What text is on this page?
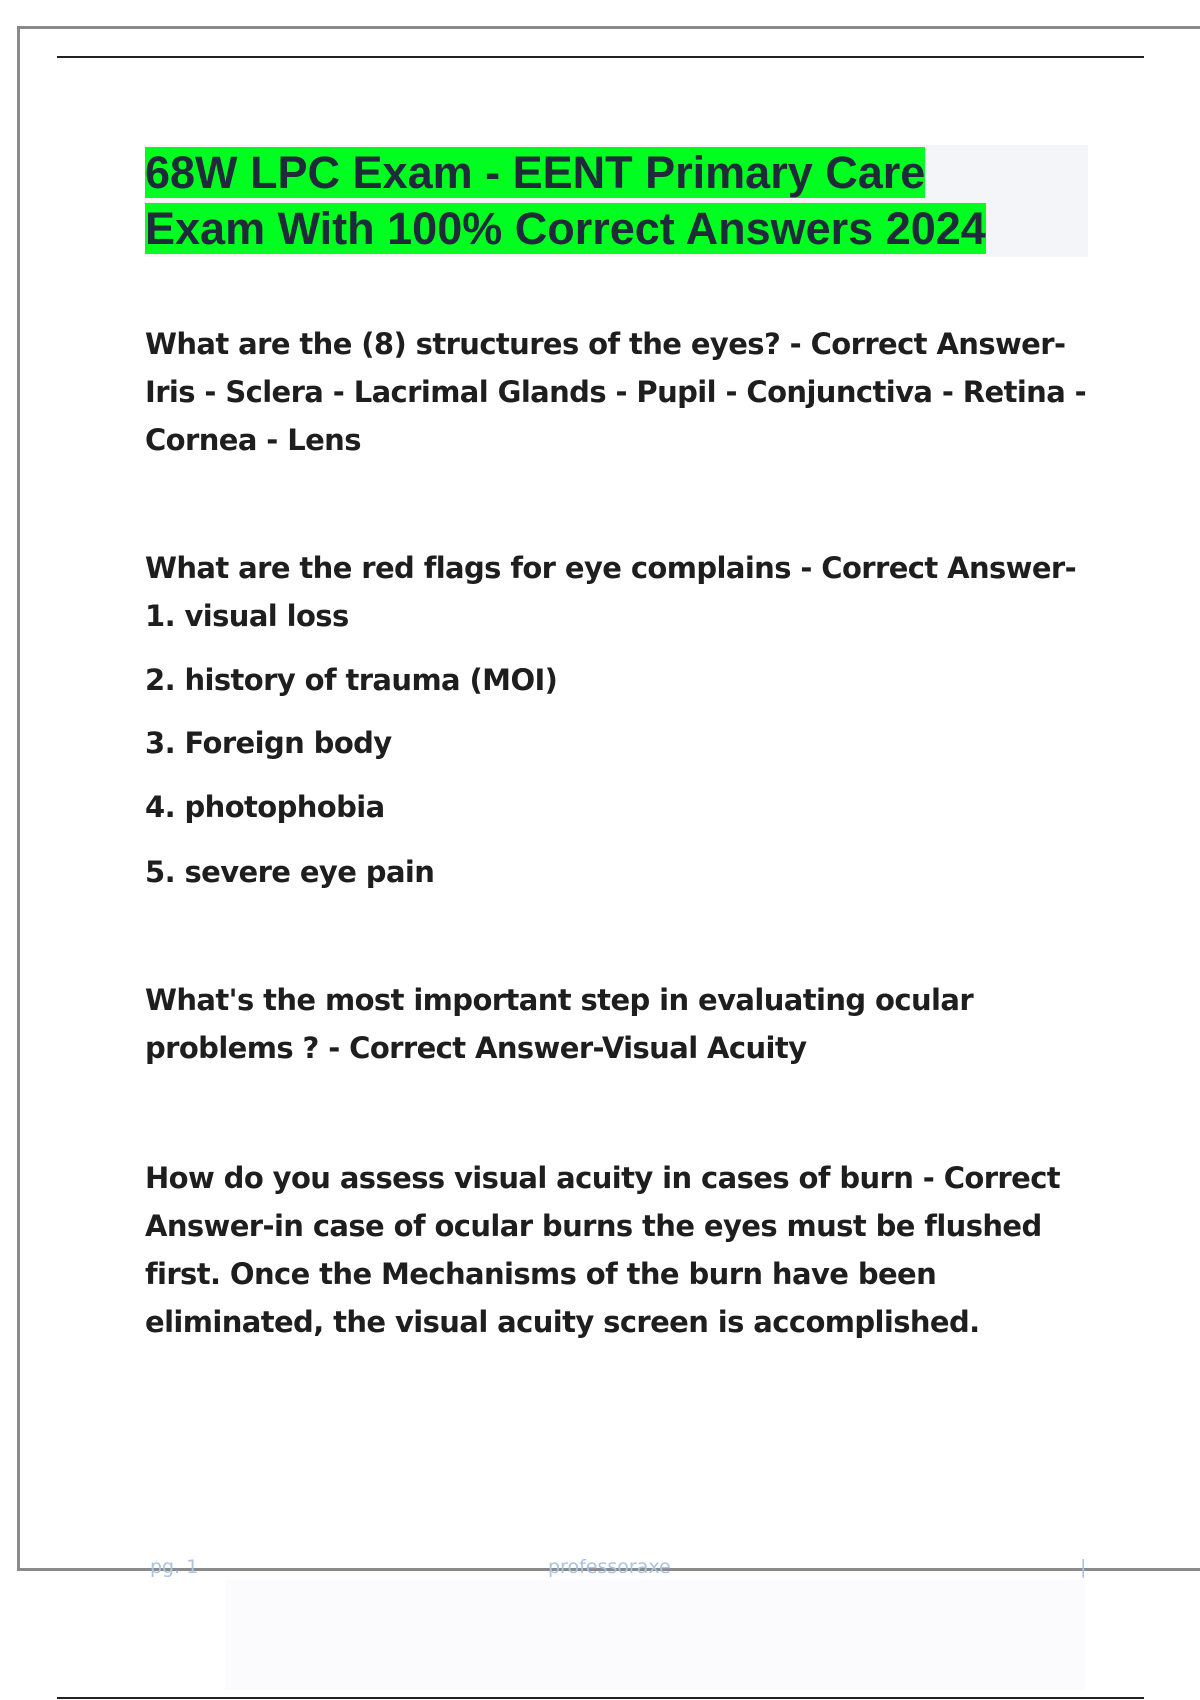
68W LPC Exam - EENT Primary Care
Exam With 100% Correct Answers 2024

What are the (8) structures of the eyes? - Correct Answer-Iris - Sclera - Lacrimal Glands - Pupil - Conjunctiva - Retina - Cornea - Lens

What are the red flags for eye complains - Correct Answer-1. visual loss

2. history of trauma (MOI)

3. Foreign body

4. photophobia

5. severe eye pain

What's the most important step in evaluating ocular problems ? - Correct Answer-Visual Acuity

How do you assess visual acuity in cases of burn - Correct Answer-in case of ocular burns the eyes must be flushed first. Once the Mechanisms of the burn have been eliminated, the visual acuity screen is accomplished.

pg. 1	professoraxe	|
